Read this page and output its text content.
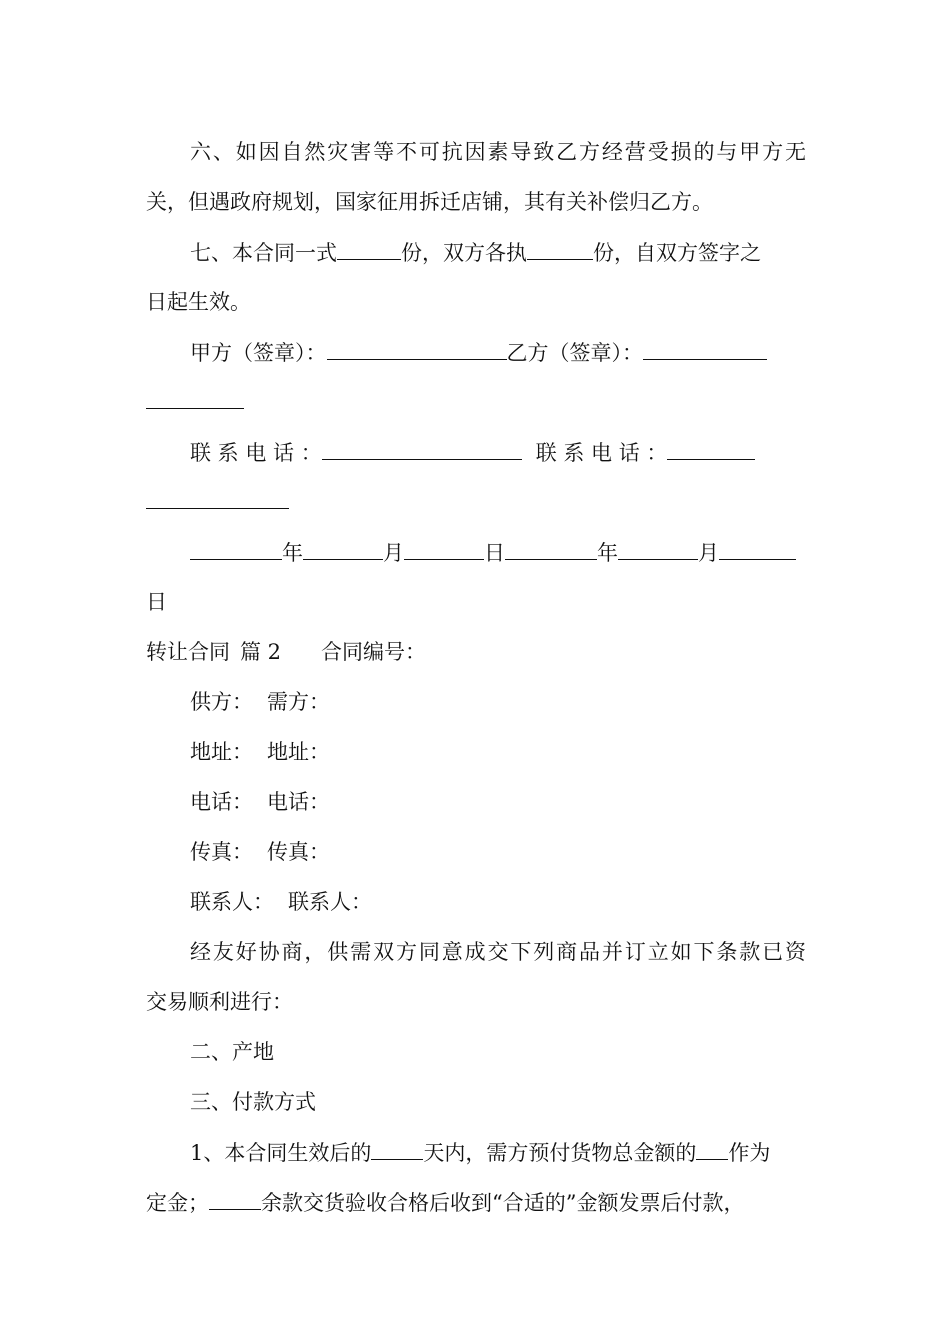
六、如因自然灾害等不可抗因素导致乙方经营受损的与甲方无
关，但遇政府规划，国家征用拆迁店铺，其有关补偿归乙方。
七、本合同一式	份，双方各执	份，自双方签字之
日起生效。
甲方（签章）：	乙方（签章）：
联 系 电 话 ：	联 系 电 话 ：
年	月	日	年	月
日
转让合同 篇 2 合同编号：
供方： 需方：
地址： 地址：
电话： 电话：
传真： 传真：
联系人： 联系人：
经友好协商，供需双方同意成交下列商品并订立如下条款已资
交易顺利进行：
二、产地
三、付款方式
1、本合同生效后的 天内，需方预付货物总金额的 作为
定金； 余款交货验收合格后收到“合适的”金额发票后付款，
